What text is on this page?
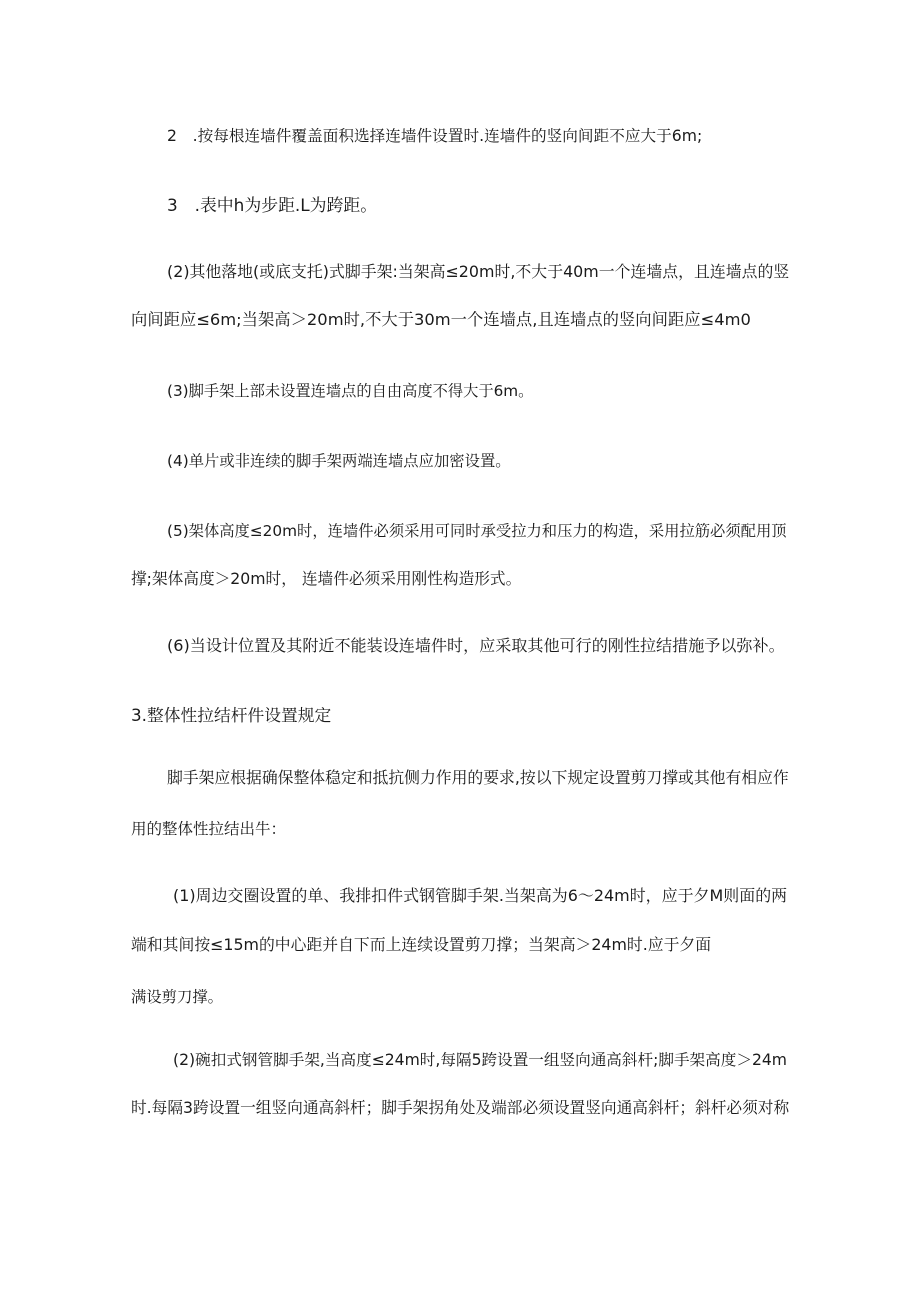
2　.按每根连墙件覆盖面积选择连墙件设置时.连墙件的竖向间距不应大于6m;
3　.表中h为步距.L为跨距。
(2)其他落地(或底支托)式脚手架:当架高≤20m时,不大于40m一个连墙点，且连墙点的竖
向间距应≤6m;当架高＞20m时,不大于30m一个连墙点,且连墙点的竖向间距应≤4m0
(3)脚手架上部未设置连墙点的自由高度不得大于6m。
(4)单片或非连续的脚手架两端连墙点应加密设置。
(5)架体高度≤20m时，连墙件必须采用可同时承受拉力和压力的构造，采用拉筋必须配用顶
撑;架体高度＞20m时， 连墙件必须采用刚性构造形式。
(6)当设计位置及其附近不能装设连墙件时，应采取其他可行的刚性拉结措施予以弥补。
3.整体性拉结杆件设置规定
脚手架应根据确保整体稳定和抵抗侧力作用的要求,按以下规定设置剪刀撑或其他有相应作
用的整体性拉结出牛：
(1)周边交圈设置的单、我排扣件式钢管脚手架.当架高为6～24m时，应于夕M则面的两
端和其间按≤15m的中心距并自下而上连续设置剪刀撑；当架高＞24m时.应于夕面
满设剪刀撑。
(2)碗扣式钢管脚手架,当高度≤24m时,每隔5跨设置一组竖向通高斜杆;脚手架高度＞24m
时.每隔3跨设置一组竖向通高斜杆；脚手架拐角处及端部必须设置竖向通高斜杆；斜杆必须对称
